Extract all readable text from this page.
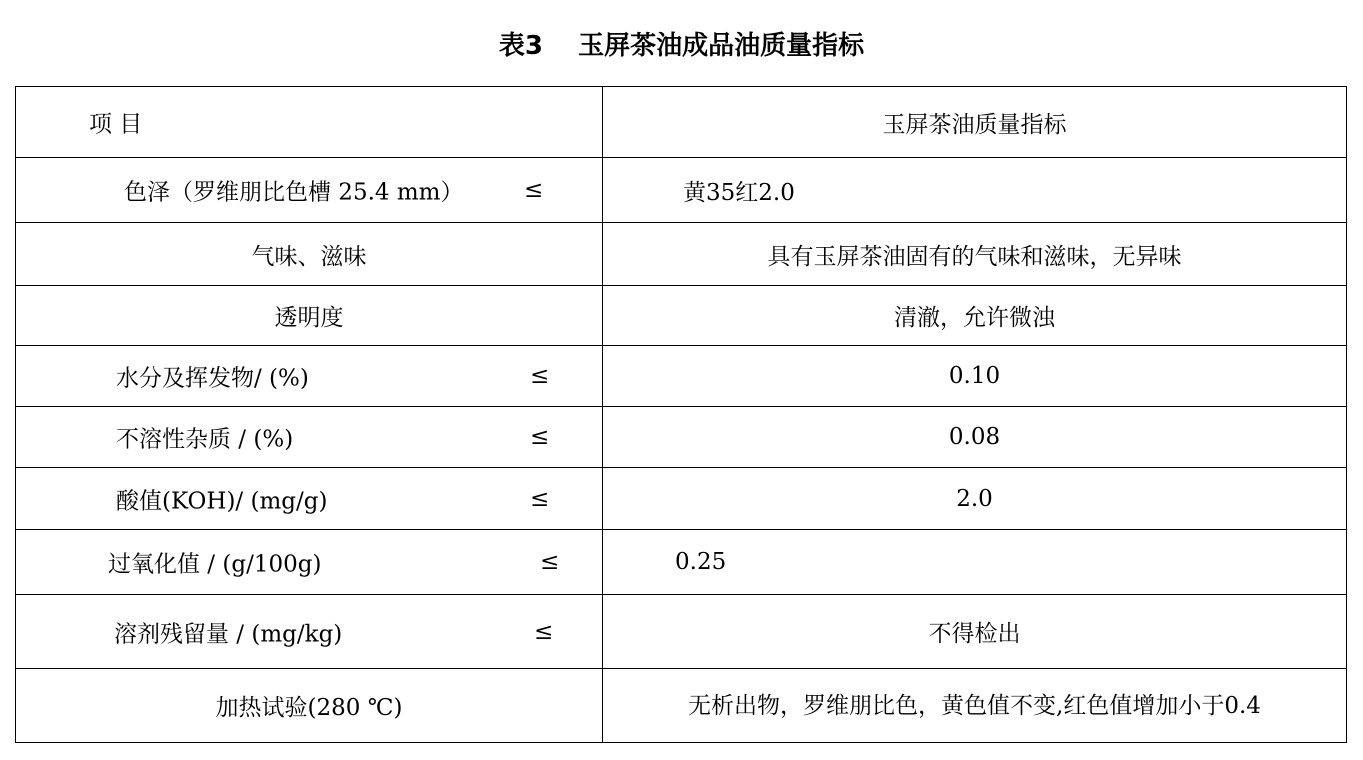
表3　 玉屏茶油成品油质量指标
项 目	玉屏茶油质量指标

色泽（罗维朋比色槽 25.4 mm） ≤	黄35红2.0
气味、滋味	具有玉屏茶油固有的气味和滋味，无异味
透明度	清澈，允许微浊

水分及挥发物/ (%) ≤	0.10

不溶性杂质 / (%) ≤	0.08

酸值(KOH)/ (mg/g) ≤	2.0

过氧化值 / (g/100g) ≤	0.25

溶剂残留量 / (mg/kg) ≤	不得检出
加热试验(280 ℃)	无析出物，罗维朋比色，黄色值不变,红色值增加小于0.4
